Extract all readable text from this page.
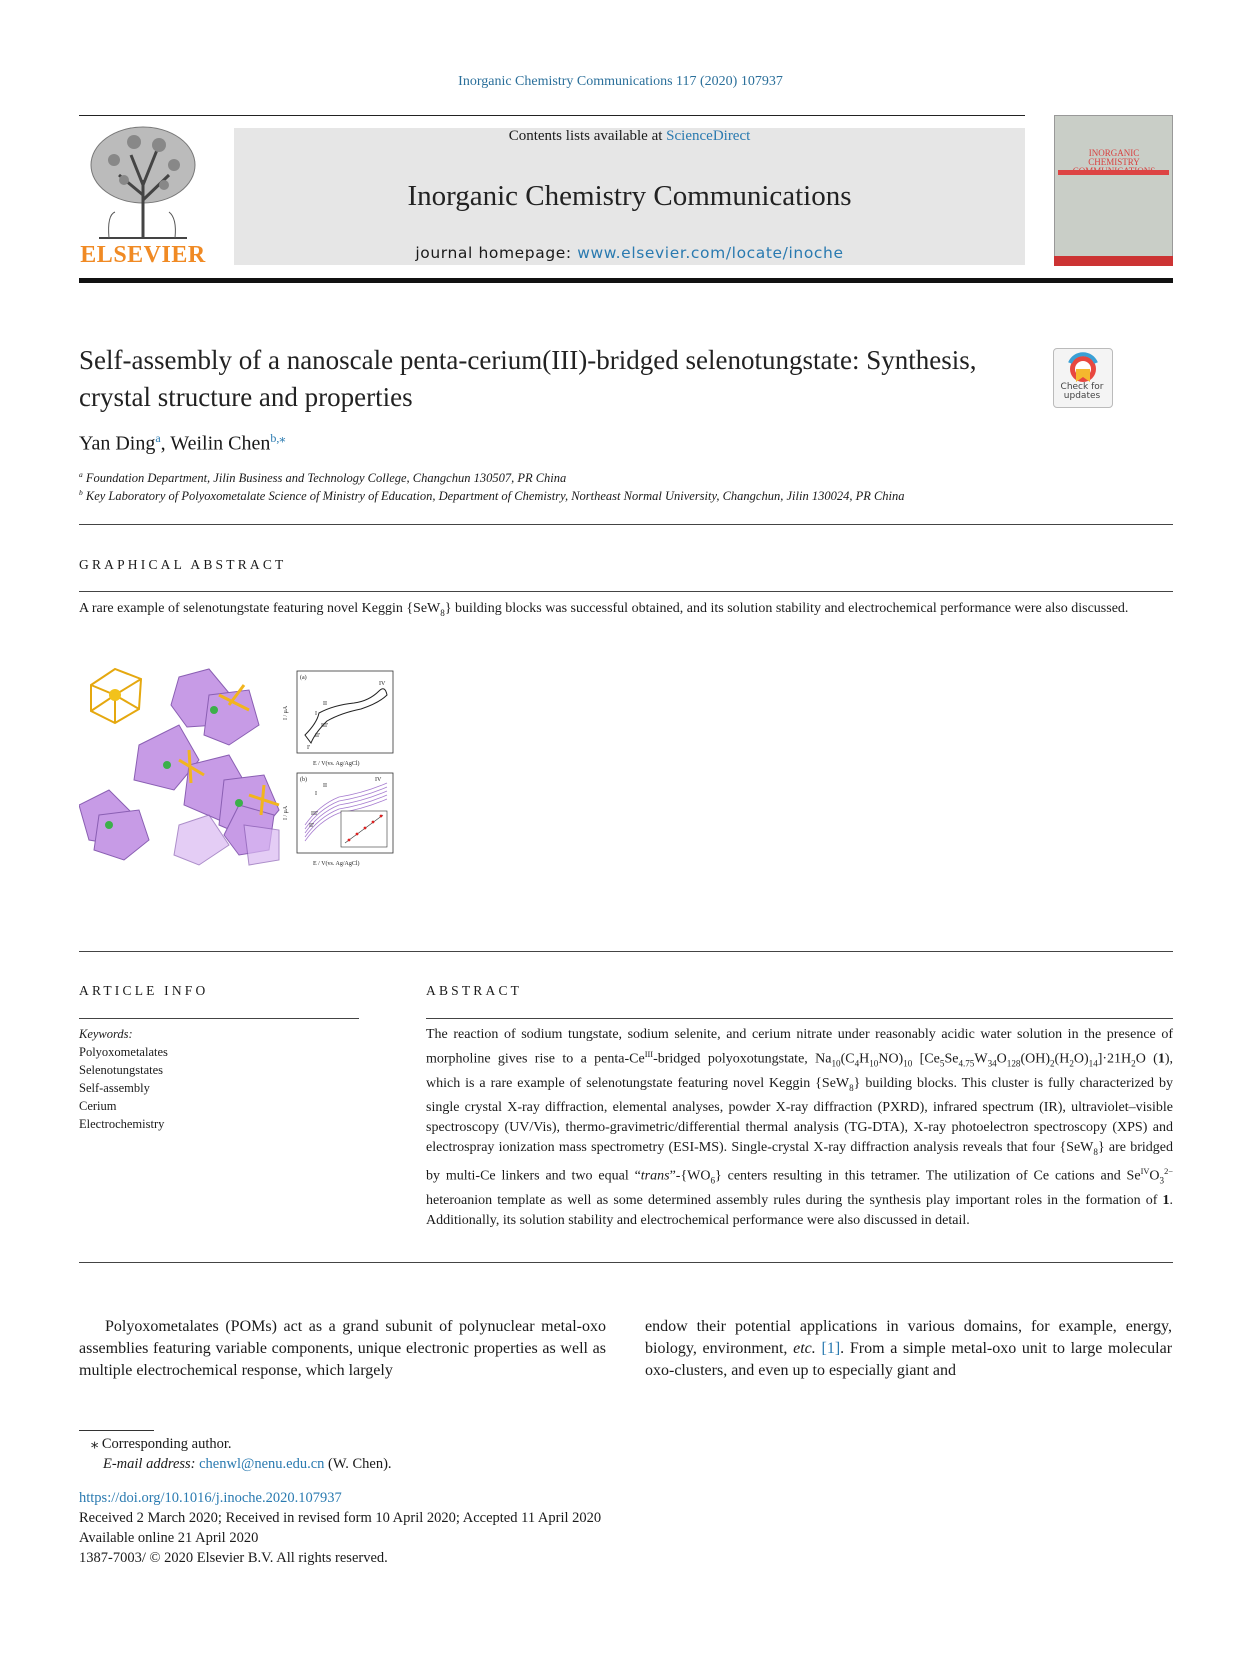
Inorganic Chemistry Communications 117 (2020) 107937
ELSEVIER
Contents lists available at ScienceDirect
Inorganic Chemistry Communications
journal homepage: www.elsevier.com/locate/inoche
INORGANIC CHEMISTRY
Self-assembly of a nanoscale penta-cerium(III)-bridged selenotungstate: Synthesis, crystal structure and properties	Check for updates
Yan Ding$^a$, Weilin Chen$^{b,⁎}$
$^a$ Foundation Department, Jilin Business and Technology College, Changchun 130507, PR China
$^b$ Key Laboratory of Polyoxometalate Science of Ministry of Education, Department of Chemistry, Northeast Normal University, Changchun, Jilin 130024, PR China
GRAPHICAL ABSTRACT
A rare example of selenotungstate featuring novel Keggin {SeW$_8$} building blocks was successful obtained, and its solution stability and electrochemical performance were also discussed.
(a)
IV
I
II
III'
II'
I'
E / V(vs. Ag/AgCl)
I / μA
(b)
II
I
IV
III'
II'
E / V(vs. Ag/AgCl)
I / μA
ARTICLE INFO	ABSTRACT
Keywords:
Polyoxometalates
Selenotungstates
Self-assembly
Cerium
Electrochemistry
The reaction of sodium tungstate, sodium selenite, and cerium nitrate under reasonably acidic water solution in the presence of morpholine gives rise to a penta-$Ce^{III}$-bridged polyoxotungstate, $Na_{10}(C_4H_{10}NO)_{10}$ $[Ce_5Se_{4.75}W_{34}O_{128}(OH)_2(H_2O)_{14}]\cdot 21H_2O$ (1), which is a rare example of selenotungstate featuring novel Keggin {SeW$_8$} building blocks. This cluster is fully characterized by single crystal X-ray diffraction, elemental analyses, powder X-ray diffraction (PXRD), infrared spectrum (IR), ultraviolet–visible spectroscopy (UV/Vis), thermo-gravimetric/differential thermal analysis (TG-DTA), X-ray photoelectron spectroscopy (XPS) and electrospray ionization mass spectrometry (ESI-MS). Single-crystal X-ray diffraction analysis reveals that four {SeW$_8$} are bridged by multi-Ce linkers and two equal “$trans”-\{WO_6\}$ centers resulting in this tetramer. The utilization of Ce cations and $Se^{IV}O_3^{2-}$ heteroanion template as well as some determined assembly rules during the synthesis play important roles in the formation of 1. Additionally, its solution stability and electrochemical performance were also discussed in detail.
Polyoxometalates (POMs) act as a grand subunit of polynuclear metal-oxo assemblies featuring variable components, unique electronic properties as well as multiple electrochemical response, which largely
endow their potential applications in various domains, for example, energy, biology, environment, etc. [1]. From a simple metal-oxo unit to large molecular oxo-clusters, and even up to especially giant and
⁎ Corresponding author.
E-mail address: chenwl@nenu.edu.cn (W. Chen).
https://doi.org/10.1016/j.inoche.2020.107937
Received 2 March 2020; Received in revised form 10 April 2020; Accepted 11 April 2020
Available online 21 April 2020
1387-7003/ © 2020 Elsevier B.V. All rights reserved.
